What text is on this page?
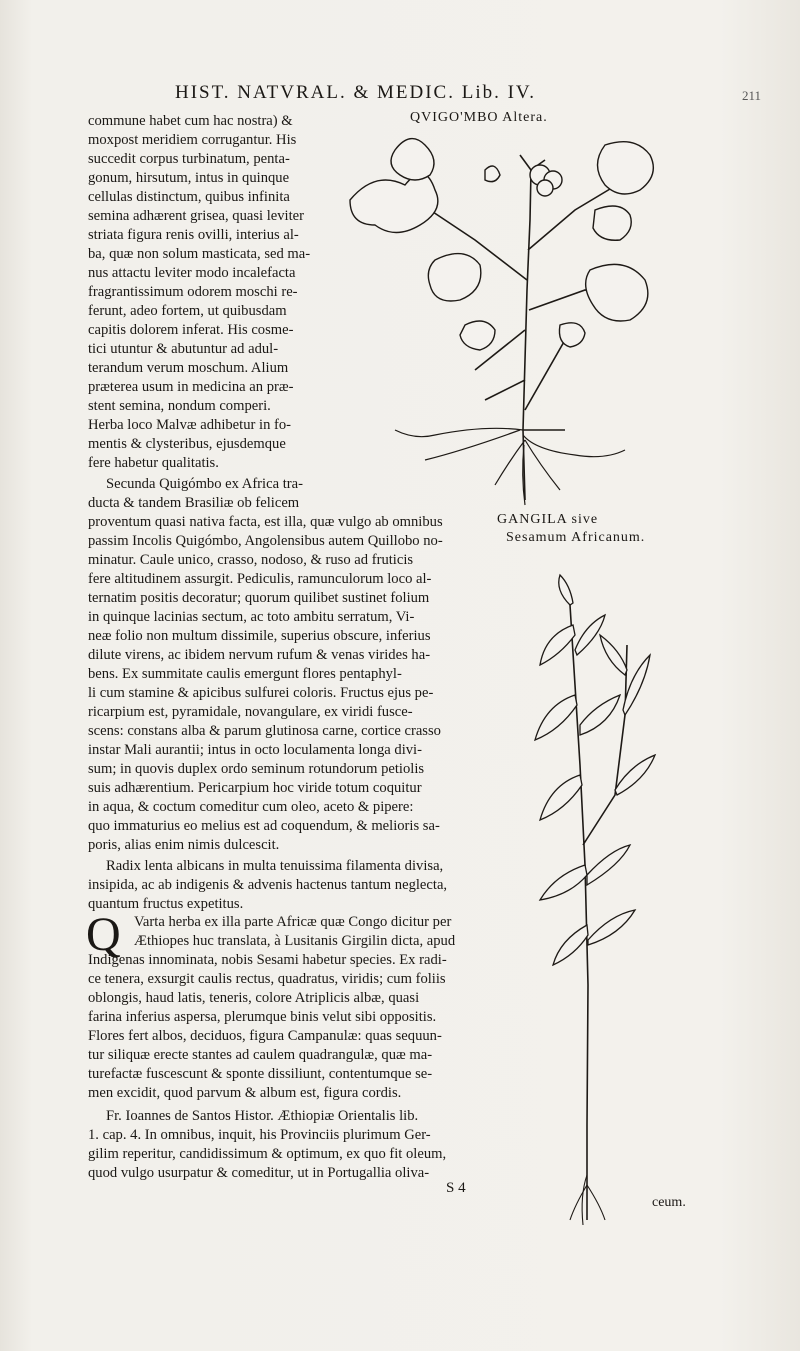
HIST. NATVRAL. & MEDIC. Lib. IV.	211
QVIGO'MBO Altera.
GANGILA sive
Sesamum Africanum.
commune habet cum hac nostra) &
moxpost meridiem corrugantur. His
succedit corpus turbinatum, penta-
gonum, hirsutum, intus in quinque
cellulas distinctum, quibus infinita
semina adhærent grisea, quasi leviter
striata figura renis ovilli, interius al-
ba, quæ non solum masticata, sed ma-
nus attactu leviter modo incalefacta
fragrantissimum odorem moschi re-
ferunt, adeo fortem, ut quibusdam
capitis dolorem inferat. His cosme-
tici utuntur & abutuntur ad adul-
terandum verum moschum. Alium
præterea usum in medicina an præ-
stent semina, nondum comperi.
Herba loco Malvæ adhibetur in fo-
mentis & clysteribus, ejusdemque
fere habetur qualitatis.
Secunda Quigómbo ex Africa tra-
ducta & tandem Brasiliæ ob felicem
proventum quasi nativa facta, est illa, quæ vulgo ab omnibus
passim Incolis Quigómbo, Angolensibus autem Quillobo no-
minatur. Caule unico, crasso, nodoso, & ruso ad fruticis
fere altitudinem assurgit. Pediculis, ramunculorum loco al-
ternatim positis decoratur; quorum quilibet sustinet folium
in quinque lacinias sectum, ac toto ambitu serratum, Vi-
neæ folio non multum dissimile, superius obscure, inferius
dilute virens, ac ibidem nervum rufum & venas virides ha-
bens. Ex summitate caulis emergunt flores pentaphyl-
li cum stamine & apicibus sulfurei coloris. Fructus ejus pe-
ricarpium est, pyramidale, novangulare, ex viridi fusce-
scens: constans alba & parum glutinosa carne, cortice crasso
instar Mali aurantii; intus in octo loculamenta longa divi-
sum; in quovis duplex ordo seminum rotundorum petiolis
suis adhærentium. Pericarpium hoc viride totum coquitur
in aqua, & coctum comeditur cum oleo, aceto & pipere:
quo immaturius eo melius est ad coquendum, & melioris sa-
poris, alias enim nimis dulcescit.
Radix lenta albicans in multa tenuissima filamenta divisa,
insipida, ac ab indigenis & advenis hactenus tantum neglecta,
quantum fructus expetitus.
Q Varta herba ex illa parte Africæ quæ Congo dicitur per
Æthiopes huc translata, à Lusitanis Girgilin dicta, apud
Indigenas innominata, nobis Sesami habetur species. Ex radi-
ce tenera, exsurgit caulis rectus, quadratus, viridis; cum foliis
oblongis, haud latis, teneris, colore Atriplicis albæ, quasi
farina inferius aspersa, plerumque binis velut sibi oppositis.
Flores fert albos, deciduos, figura Campanulæ: quas sequun-
tur siliquæ erecte stantes ad caulem quadrangulæ, quæ ma-
turefactæ fuscescunt & sponte dissiliunt, contentumque se-
men excidit, quod parvum & album est, figura cordis.
Fr. Ioannes de Santos Histor. Æthiopiæ Orientalis lib.
1. cap. 4. In omnibus, inquit, his Provinciis plurimum Ger-
gilim reperitur, candidissimum & optimum, ex quo fit oleum,
quod vulgo usurpatur & comeditur, ut in Portugallia oliva-
S 4
ceum.
